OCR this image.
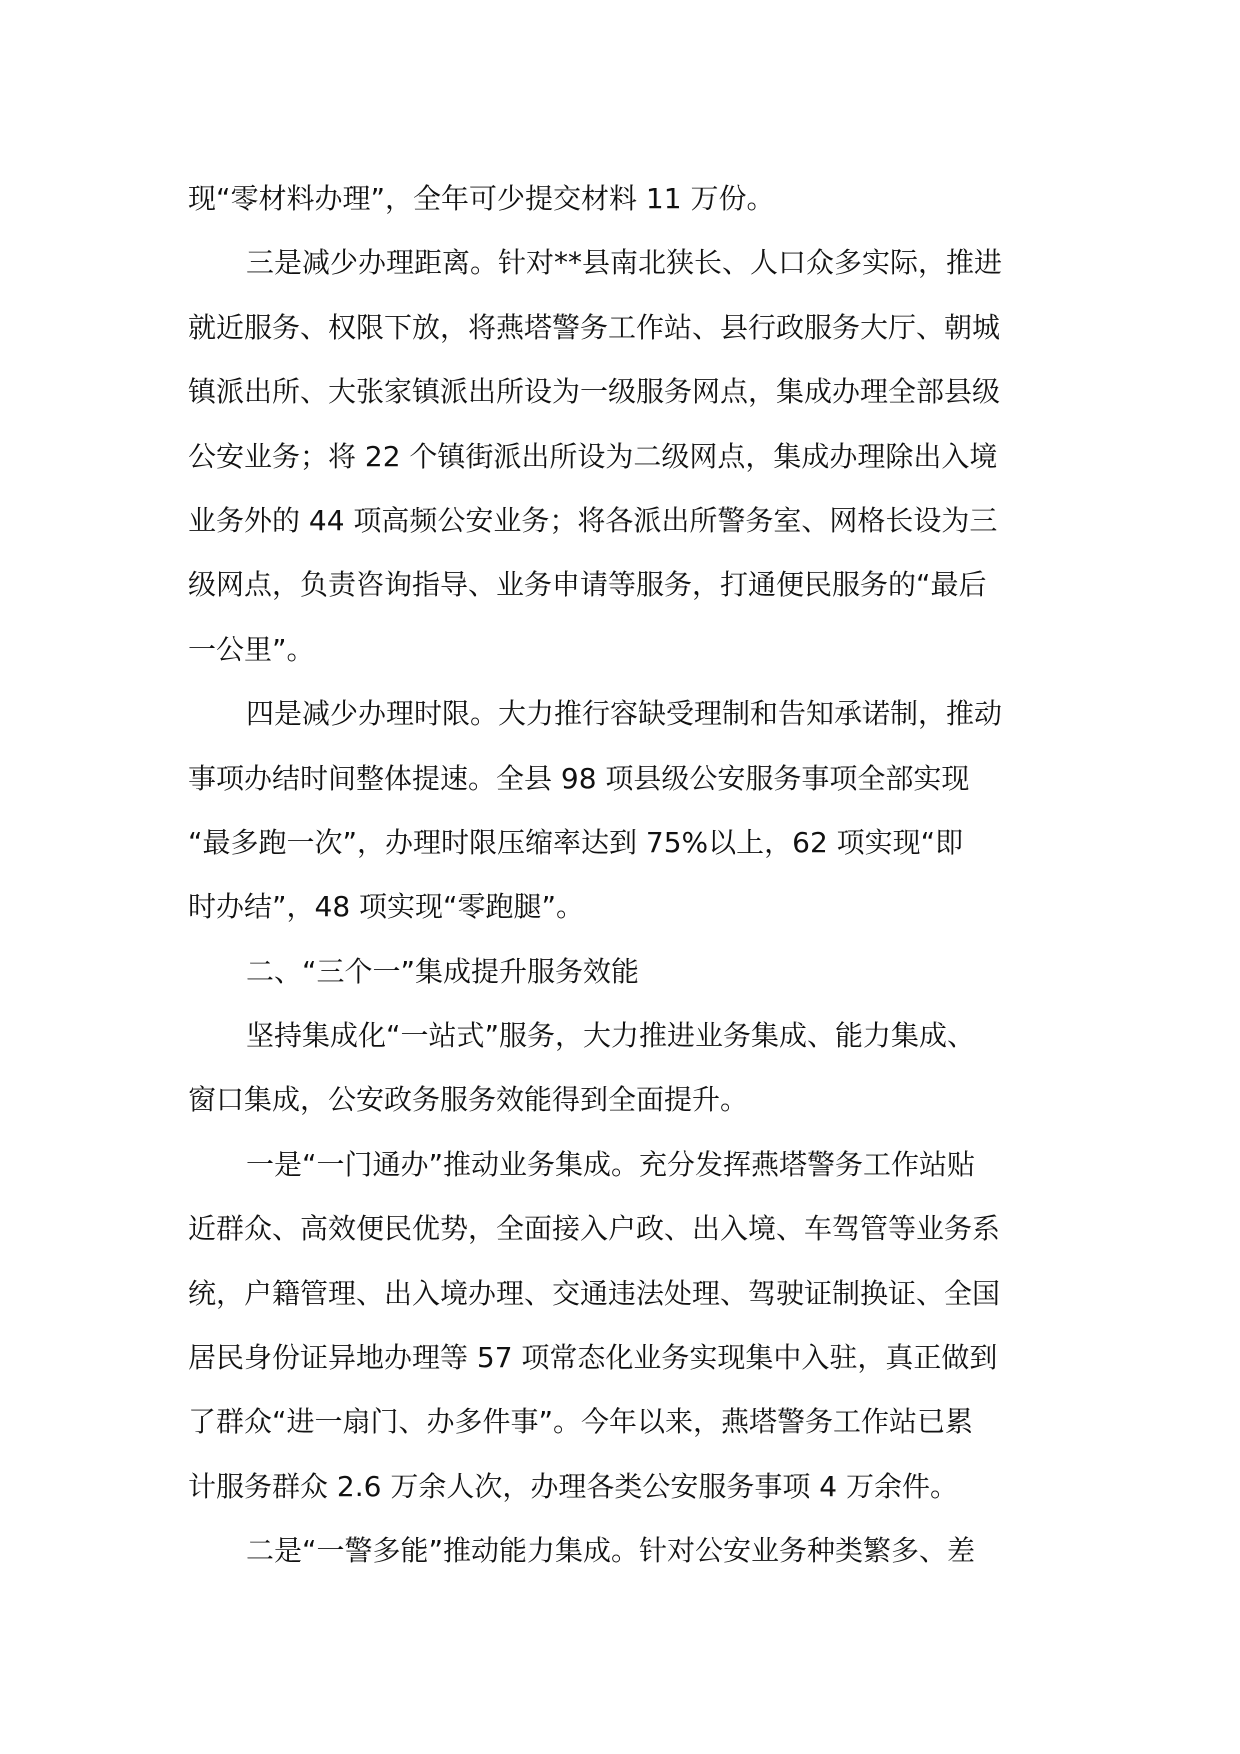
现“零材料办理”，全年可少提交材料 11 万份。
三是减少办理距离。针对**县南北狭长、人口众多实际，推进
就近服务、权限下放，将燕塔警务工作站、县行政服务大厅、朝城
镇派出所、大张家镇派出所设为一级服务网点，集成办理全部县级
公安业务；将 22 个镇街派出所设为二级网点，集成办理除出入境
业务外的 44 项高频公安业务；将各派出所警务室、网格长设为三
级网点，负责咨询指导、业务申请等服务，打通便民服务的“最后
一公里”。
四是减少办理时限。大力推行容缺受理制和告知承诺制，推动
事项办结时间整体提速。全县 98 项县级公安服务事项全部实现
“最多跑一次”，办理时限压缩率达到 75%以上，62 项实现“即
时办结”，48 项实现“零跑腿”。
二、“三个一”集成提升服务效能
坚持集成化“一站式”服务，大力推进业务集成、能力集成、
窗口集成，公安政务服务效能得到全面提升。
一是“一门通办”推动业务集成。充分发挥燕塔警务工作站贴
近群众、高效便民优势，全面接入户政、出入境、车驾管等业务系
统，户籍管理、出入境办理、交通违法处理、驾驶证制换证、全国
居民身份证异地办理等 57 项常态化业务实现集中入驻，真正做到
了群众“进一扇门、办多件事”。今年以来，燕塔警务工作站已累
计服务群众 2.6 万余人次，办理各类公安服务事项 4 万余件。
二是“一警多能”推动能力集成。针对公安业务种类繁多、差
